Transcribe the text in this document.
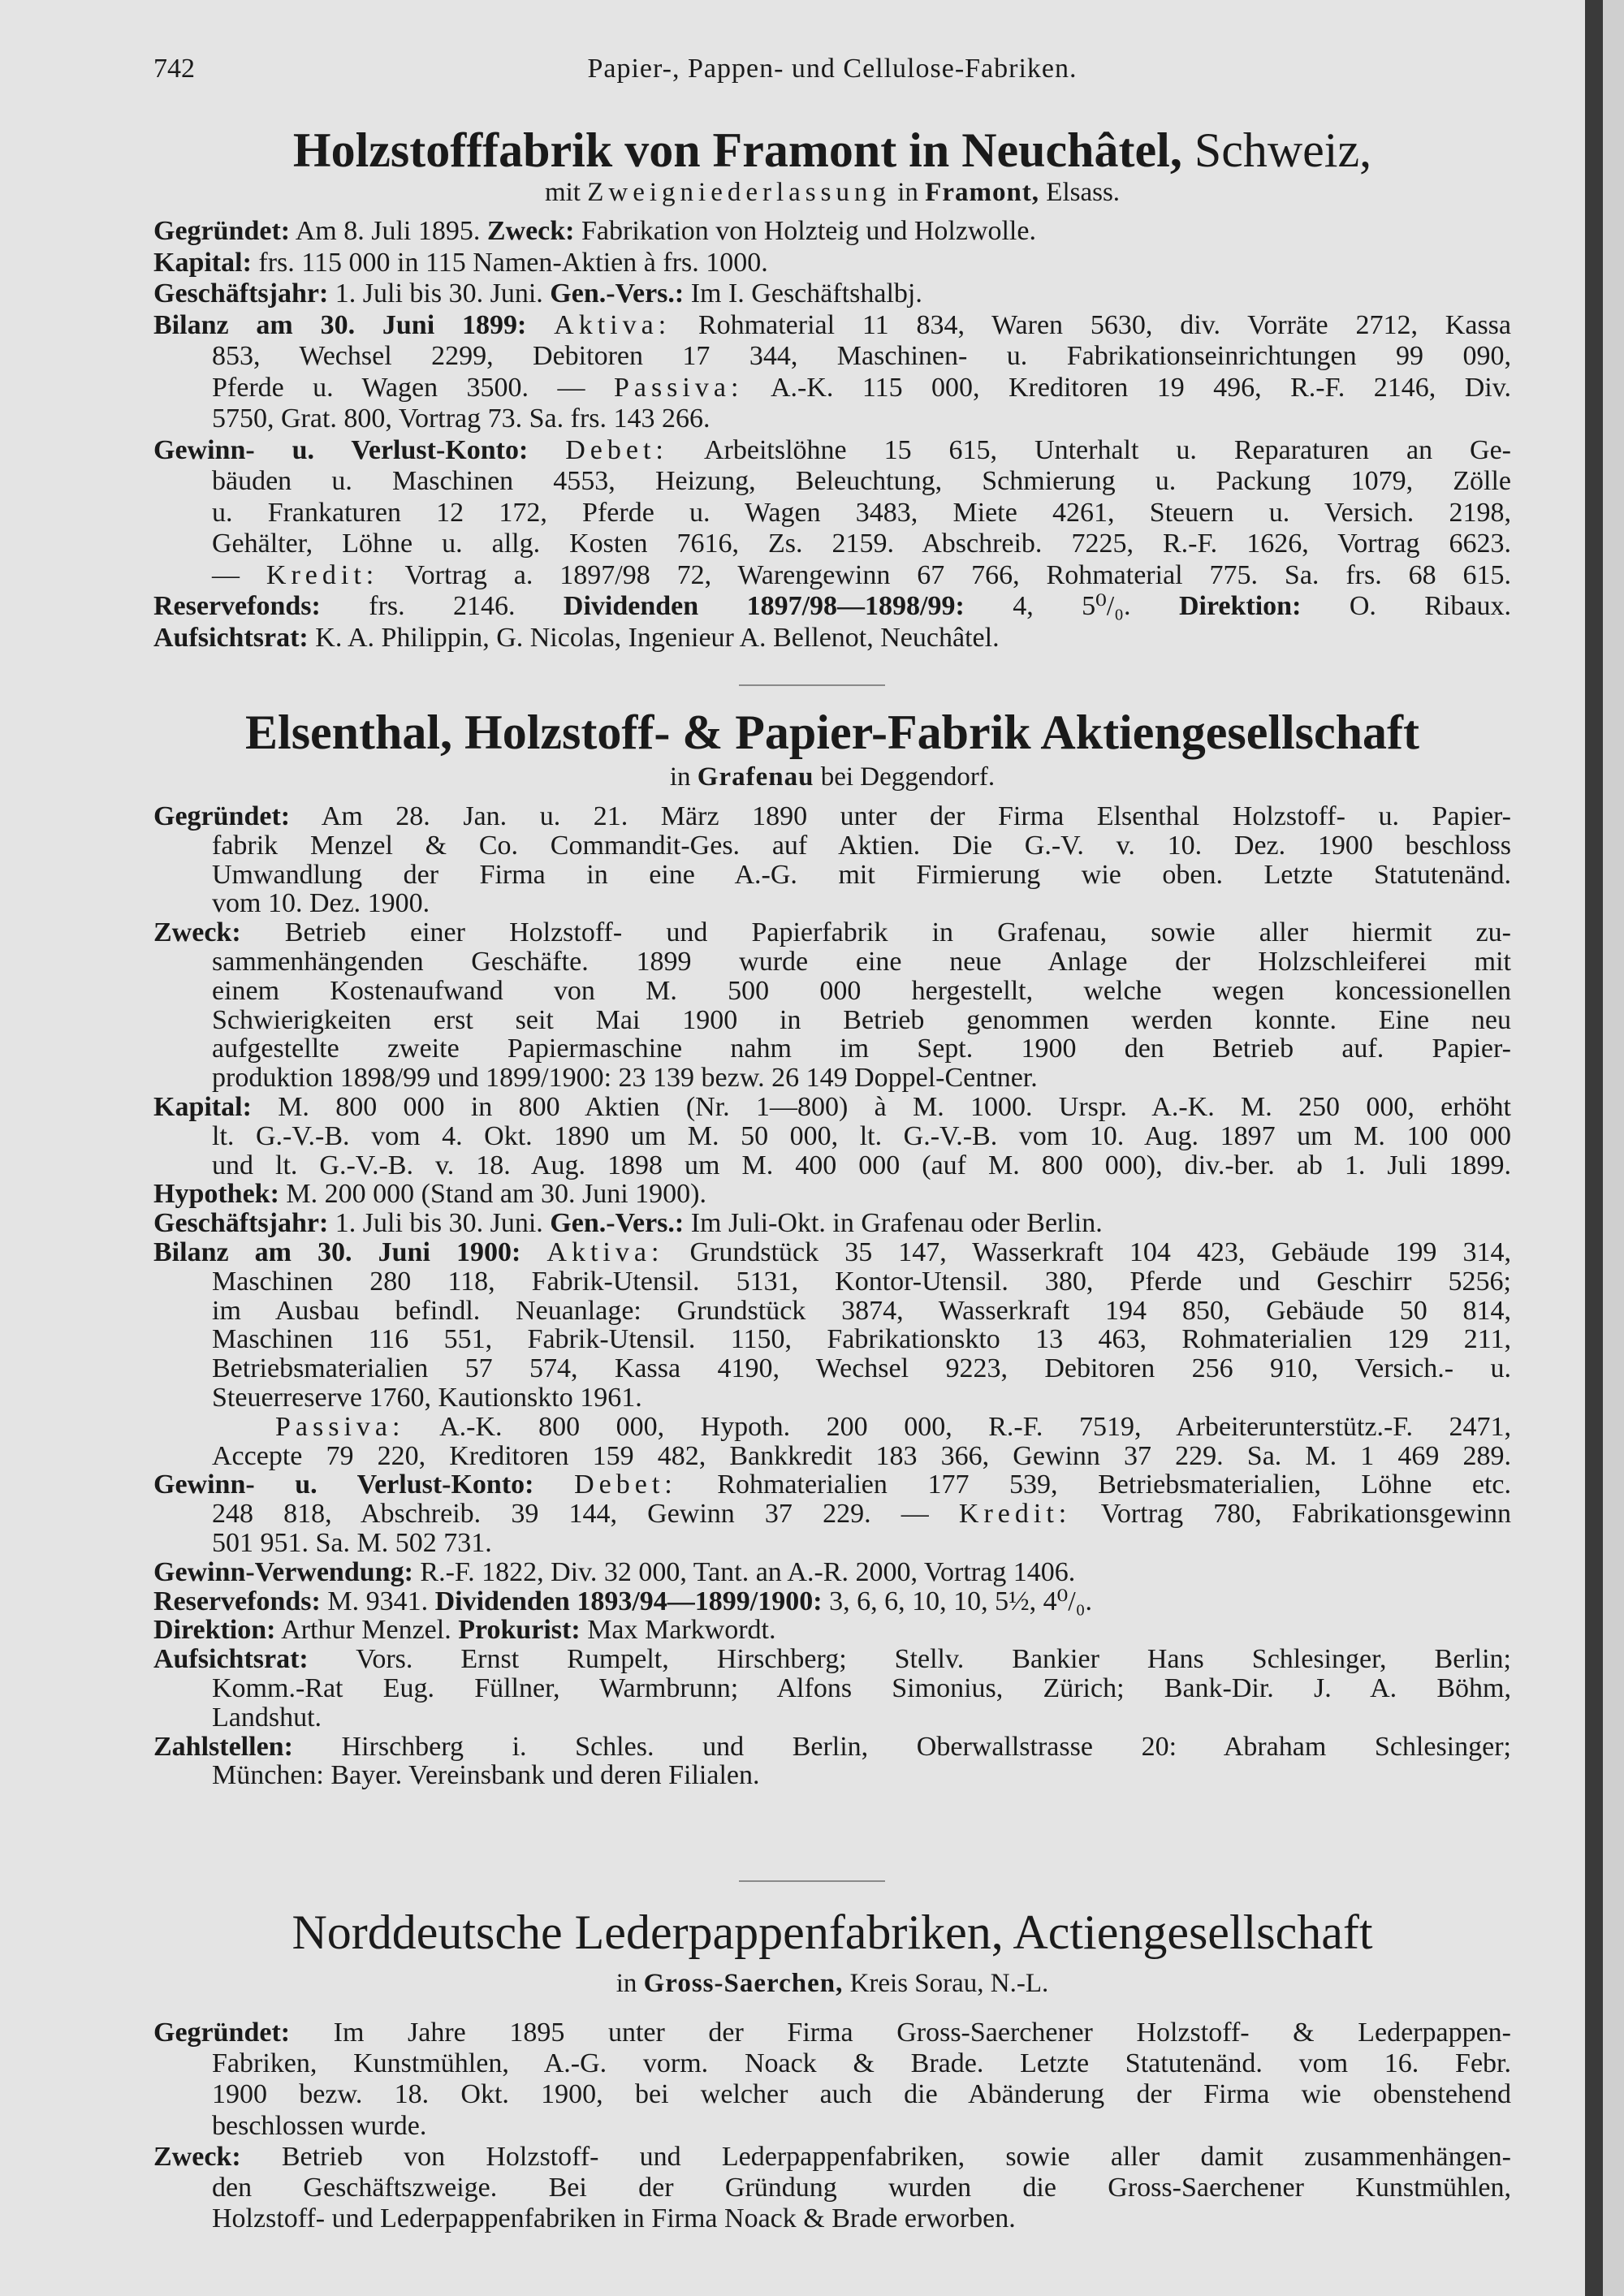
742	Papier-, Pappen- und Cellulose-Fabriken.
Holzstofffabrik von Framont in Neuchâtel, Schweiz,
mit Zweigniederlassung in Framont, Elsass.
Gegründet: Am 8. Juli 1895. Zweck: Fabrikation von Holzteig und Holzwolle.
Kapital: frs. 115 000 in 115 Namen-Aktien à frs. 1000.
Geschäftsjahr: 1. Juli bis 30. Juni. Gen.-Vers.: Im I. Geschäftshalbj.
Bilanz am 30. Juni 1899: Aktiva: Rohmaterial 11 834, Waren 5630, div. Vorräte 2712, Kassa
853, Wechsel 2299, Debitoren 17 344, Maschinen- u. Fabrikationseinrichtungen 99 090,
Pferde u. Wagen 3500. — Passiva: A.-K. 115 000, Kreditoren 19 496, R.-F. 2146, Div.
5750, Grat. 800, Vortrag 73. Sa. frs. 143 266.
Gewinn- u. Verlust-Konto: Debet: Arbeitslöhne 15 615, Unterhalt u. Reparaturen an Ge-
bäuden u. Maschinen 4553, Heizung, Beleuchtung, Schmierung u. Packung 1079, Zölle
u. Frankaturen 12 172, Pferde u. Wagen 3483, Miete 4261, Steuern u. Versich. 2198,
Gehälter, Löhne u. allg. Kosten 7616, Zs. 2159. Abschreib. 7225, R.-F. 1626, Vortrag 6623.
— Kredit: Vortrag a. 1897/98 72, Warengewinn 67 766, Rohmaterial 775. Sa. frs. 68 615.
Reservefonds: frs. 2146. Dividenden 1897/98—1898/99: 4, 5⁰/₀. Direktion: O. Ribaux.
Aufsichtsrat: K. A. Philippin, G. Nicolas, Ingenieur A. Bellenot, Neuchâtel.
Elsenthal, Holzstoff- & Papier-Fabrik Aktiengesellschaft
in Grafenau bei Deggendorf.
Gegründet: Am 28. Jan. u. 21. März 1890 unter der Firma Elsenthal Holzstoff- u. Papier-
fabrik Menzel & Co. Commandit-Ges. auf Aktien. Die G.-V. v. 10. Dez. 1900 beschloss
Umwandlung der Firma in eine A.-G. mit Firmierung wie oben. Letzte Statutenänd.
vom 10. Dez. 1900.
Zweck: Betrieb einer Holzstoff- und Papierfabrik in Grafenau, sowie aller hiermit zu-
sammenhängenden Geschäfte. 1899 wurde eine neue Anlage der Holzschleiferei mit
einem Kostenaufwand von M. 500 000 hergestellt, welche wegen koncessionellen
Schwierigkeiten erst seit Mai 1900 in Betrieb genommen werden konnte. Eine neu
aufgestellte zweite Papiermaschine nahm im Sept. 1900 den Betrieb auf. Papier-
produktion 1898/99 und 1899/1900: 23 139 bezw. 26 149 Doppel-Centner.
Kapital: M. 800 000 in 800 Aktien (Nr. 1—800) à M. 1000. Urspr. A.-K. M. 250 000, erhöht
lt. G.-V.-B. vom 4. Okt. 1890 um M. 50 000, lt. G.-V.-B. vom 10. Aug. 1897 um M. 100 000
und lt. G.-V.-B. v. 18. Aug. 1898 um M. 400 000 (auf M. 800 000), div.-ber. ab 1. Juli 1899.
Hypothek: M. 200 000 (Stand am 30. Juni 1900).
Geschäftsjahr: 1. Juli bis 30. Juni. Gen.-Vers.: Im Juli-Okt. in Grafenau oder Berlin.
Bilanz am 30. Juni 1900: Aktiva: Grundstück 35 147, Wasserkraft 104 423, Gebäude 199 314,
Maschinen 280 118, Fabrik-Utensil. 5131, Kontor-Utensil. 380, Pferde und Geschirr 5256;
im Ausbau befindl. Neuanlage: Grundstück 3874, Wasserkraft 194 850, Gebäude 50 814,
Maschinen 116 551, Fabrik-Utensil. 1150, Fabrikationskto 13 463, Rohmaterialien 129 211,
Betriebsmaterialien 57 574, Kassa 4190, Wechsel 9223, Debitoren 256 910, Versich.- u.
Steuerreserve 1760, Kautionskto 1961.
Passiva: A.-K. 800 000, Hypoth. 200 000, R.-F. 7519, Arbeiterunterstütz.-F. 2471,
Accepte 79 220, Kreditoren 159 482, Bankkredit 183 366, Gewinn 37 229. Sa. M. 1 469 289.
Gewinn- u. Verlust-Konto: Debet: Rohmaterialien 177 539, Betriebsmaterialien, Löhne etc.
248 818, Abschreib. 39 144, Gewinn 37 229. — Kredit: Vortrag 780, Fabrikationsgewinn
501 951. Sa. M. 502 731.
Gewinn-Verwendung: R.-F. 1822, Div. 32 000, Tant. an A.-R. 2000, Vortrag 1406.
Reservefonds: M. 9341. Dividenden 1893/94—1899/1900: 3, 6, 6, 10, 10, 5½, 4⁰/₀.
Direktion: Arthur Menzel. Prokurist: Max Markwordt.
Aufsichtsrat: Vors. Ernst Rumpelt, Hirschberg; Stellv. Bankier Hans Schlesinger, Berlin;
Komm.-Rat Eug. Füllner, Warmbrunn; Alfons Simonius, Zürich; Bank-Dir. J. A. Böhm,
Landshut.
Zahlstellen: Hirschberg i. Schles. und Berlin, Oberwallstrasse 20: Abraham Schlesinger;
München: Bayer. Vereinsbank und deren Filialen.
Norddeutsche Lederpappenfabriken, Actiengesellschaft
in Gross-Saerchen, Kreis Sorau, N.-L.
Gegründet: Im Jahre 1895 unter der Firma Gross-Saerchener Holzstoff- & Lederpappen-
Fabriken, Kunstmühlen, A.-G. vorm. Noack & Brade. Letzte Statutenänd. vom 16. Febr.
1900 bezw. 18. Okt. 1900, bei welcher auch die Abänderung der Firma wie obenstehend
beschlossen wurde.
Zweck: Betrieb von Holzstoff- und Lederpappenfabriken, sowie aller damit zusammenhängen-
den Geschäftszweige. Bei der Gründung wurden die Gross-Saerchener Kunstmühlen,
Holzstoff- und Lederpappenfabriken in Firma Noack & Brade erworben.
